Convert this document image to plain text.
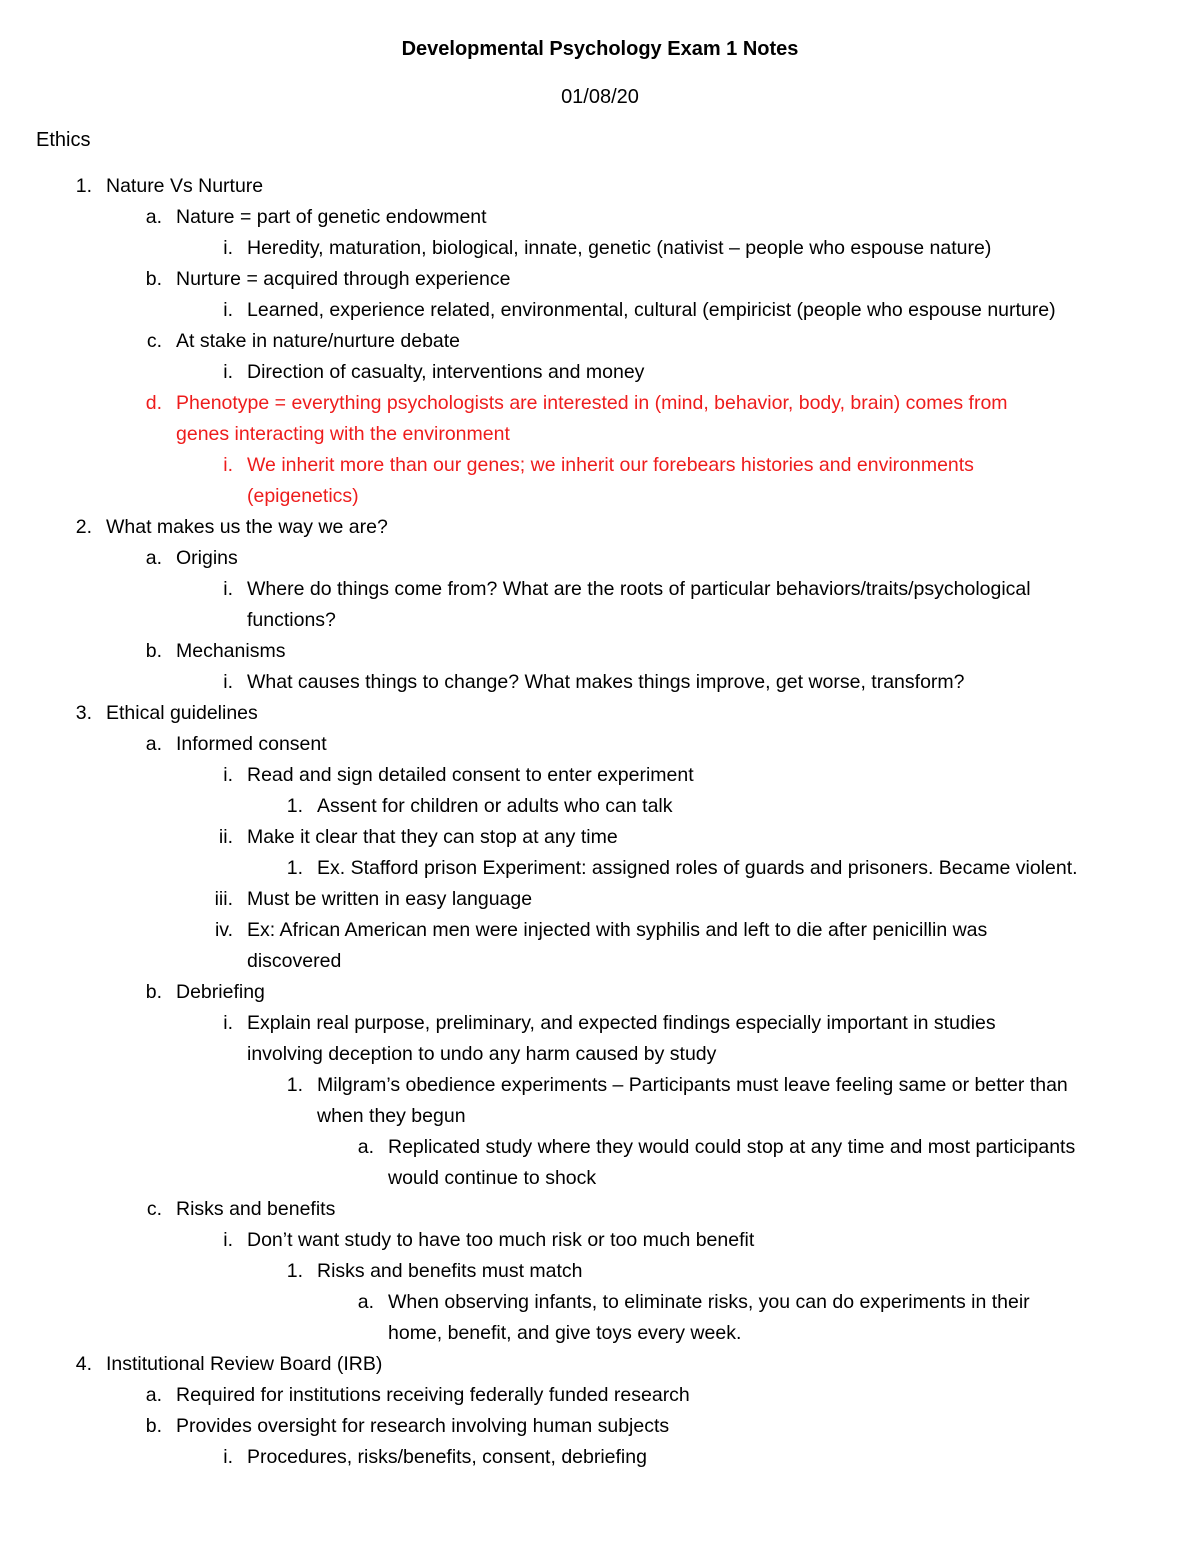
Developmental Psychology Exam 1 Notes
01/08/20
Ethics
1. Nature Vs Nurture
a. Nature = part of genetic endowment
i. Heredity, maturation, biological, innate, genetic (nativist – people who espouse nature)
b. Nurture = acquired through experience
i. Learned, experience related, environmental, cultural (empiricist (people who espouse nurture)
c. At stake in nature/nurture debate
i. Direction of casualty, interventions and money
d. Phenotype = everything psychologists are interested in (mind, behavior, body, brain) comes from
genes interacting with the environment
i. We inherit more than our genes; we inherit our forebears histories and environments
(epigenetics)
2. What makes us the way we are?
a. Origins
i. Where do things come from? What are the roots of particular behaviors/traits/psychological
functions?
b. Mechanisms
i. What causes things to change? What makes things improve, get worse, transform?
3. Ethical guidelines
a. Informed consent
i. Read and sign detailed consent to enter experiment
1. Assent for children or adults who can talk
ii. Make it clear that they can stop at any time
1. Ex. Stafford prison Experiment: assigned roles of guards and prisoners. Became violent.
iii. Must be written in easy language
iv. Ex: African American men were injected with syphilis and left to die after penicillin was
discovered
b. Debriefing
i. Explain real purpose, preliminary, and expected findings especially important in studies
involving deception to undo any harm caused by study
1. Milgram’s obedience experiments – Participants must leave feeling same or better than
when they begun
a. Replicated study where they would could stop at any time and most participants
would continue to shock
c. Risks and benefits
i. Don’t want study to have too much risk or too much benefit
1. Risks and benefits must match
a. When observing infants, to eliminate risks, you can do experiments in their
home, benefit, and give toys every week.
4. Institutional Review Board (IRB)
a. Required for institutions receiving federally funded research
b. Provides oversight for research involving human subjects
i. Procedures, risks/benefits, consent, debriefing
